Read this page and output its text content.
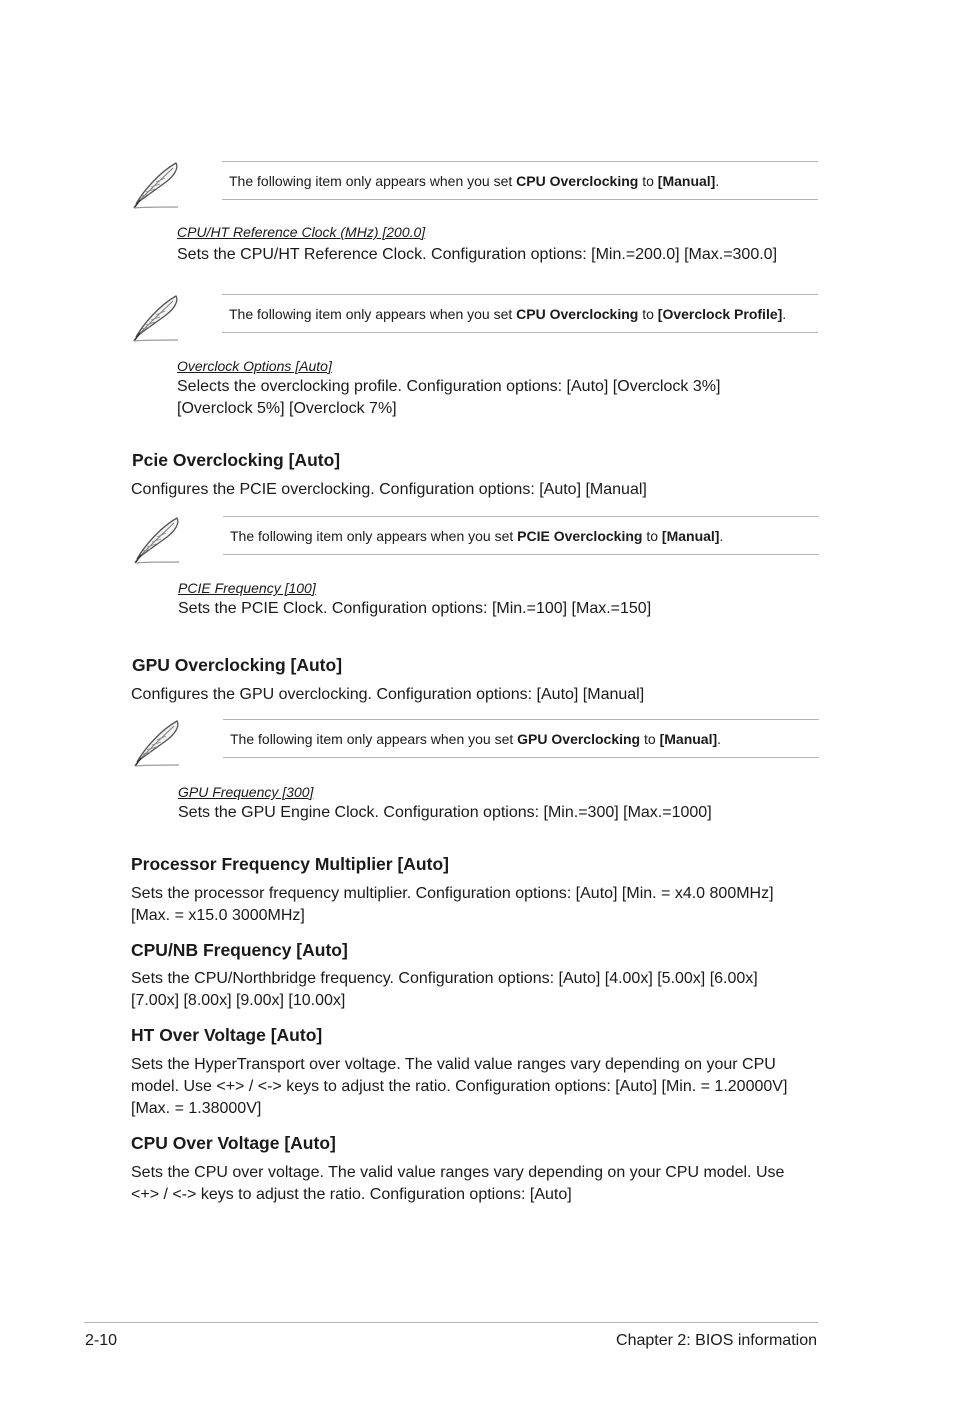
The following item only appears when you set CPU Overclocking to [Manual].
CPU/HT Reference Clock (MHz) [200.0]
Sets the CPU/HT Reference Clock. Configuration options: [Min.=200.0] [Max.=300.0]
The following item only appears when you set CPU Overclocking to [Overclock Profile].
Overclock Options [Auto]
Selects the overclocking profile. Configuration options: [Auto] [Overclock 3%]
[Overclock 5%] [Overclock 7%]
Pcie Overclocking [Auto]
Configures the PCIE overclocking. Configuration options: [Auto] [Manual]
The following item only appears when you set PCIE Overclocking to [Manual].
PCIE Frequency [100]
Sets the PCIE Clock. Configuration options: [Min.=100] [Max.=150]
GPU Overclocking [Auto]
Configures the GPU overclocking. Configuration options: [Auto] [Manual]
The following item only appears when you set GPU Overclocking to [Manual].
GPU Frequency [300]
Sets the GPU Engine Clock. Configuration options: [Min.=300] [Max.=1000]
Processor Frequency Multiplier [Auto]
Sets the processor frequency multiplier. Configuration options: [Auto] [Min. = x4.0 800MHz]
[Max. = x15.0 3000MHz]
CPU/NB Frequency [Auto]
Sets the CPU/Northbridge frequency. Configuration options: [Auto] [4.00x] [5.00x] [6.00x]
[7.00x] [8.00x] [9.00x] [10.00x]
HT Over Voltage [Auto]
Sets the HyperTransport over voltage. The valid value ranges vary depending on your CPU
model. Use <+> / <-> keys to adjust the ratio. Configuration options: [Auto] [Min. = 1.20000V]
[Max. = 1.38000V]
CPU Over Voltage [Auto]
Sets the CPU over voltage. The valid value ranges vary depending on your CPU model. Use
<+> / <-> keys to adjust the ratio. Configuration options: [Auto]
2-10	Chapter 2: BIOS information
